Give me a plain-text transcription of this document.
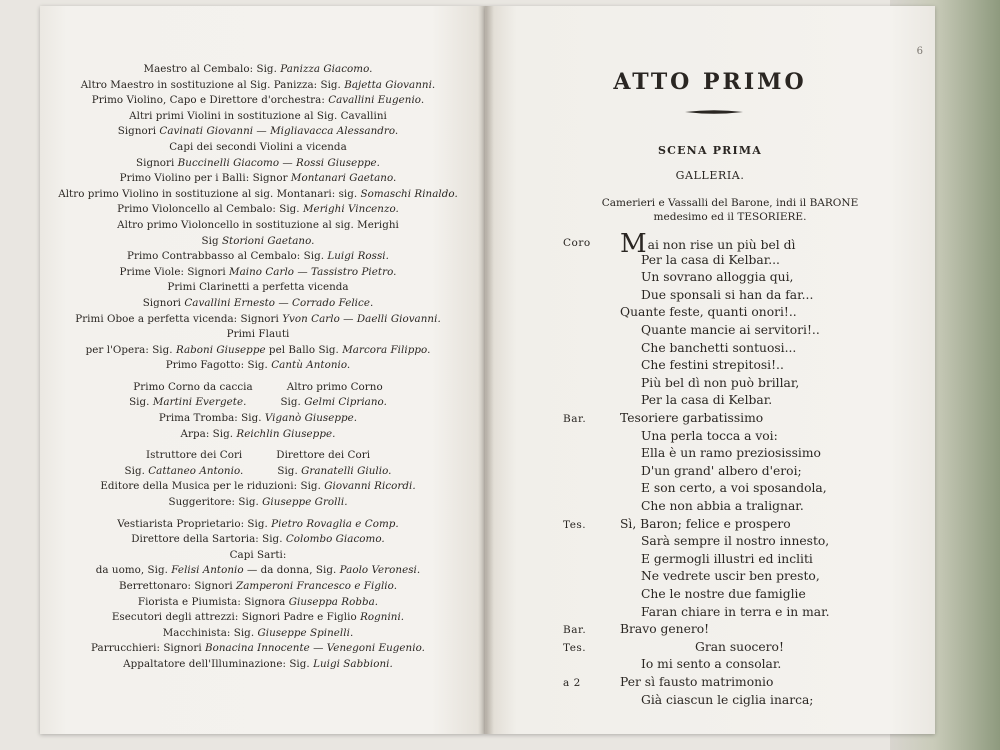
Maestro al Cembalo: Sig. Panizza Giacomo.
Altro Maestro in sostituzione al Sig. Panizza: Sig. Bajetta Giovanni.
Primo Violino, Capo e Direttore d'orchestra: Cavallini Eugenio.
Altri primi Violini in sostituzione al Sig. Cavallini
Signori Cavinati Giovanni — Migliavacca Alessandro.
Capi dei secondi Violini a vicenda
Signori Buccinelli Giacomo — Rossi Giuseppe.
Primo Violino per i Balli: Signor Montanari Gaetano.
Altro primo Violino in sostituzione al sig. Montanari: sig. Somaschi Rinaldo.
Primo Violoncello al Cembalo: Sig. Merighi Vincenzo.
Altro primo Violoncello in sostituzione al sig. Merighi
Sig Storioni Gaetano.
Primo Contrabbasso al Cembalo: Sig. Luigi Rossi.
Prime Viole: Signori Maino Carlo — Tassistro Pietro.
Primi Clarinetti a perfetta vicenda
Signori Cavallini Ernesto — Corrado Felice.
Primi Oboe a perfetta vicenda: Signori Yvon Carlo — Daelli Giovanni.
Primi Flauti
per l'Opera: Sig. Raboni Giuseppe pel Ballo Sig. Marcora Filippo.
Primo Fagotto: Sig. Cantù Antonio.
Primo Corno da caccia	Altro primo Corno
Sig. Martini Evergete.	Sig. Gelmi Cipriano.
Prima Tromba: Sig. Viganò Giuseppe.
Arpa: Sig. Reichlin Giuseppe.
Istruttore dei Cori	Direttore dei Cori
Sig. Cattaneo Antonio.	Sig. Granatelli Giulio.
Editore della Musica per le riduzioni: Sig. Giovanni Ricordi.
Suggeritore: Sig. Giuseppe Grolli.
Vestiarista Proprietario: Sig. Pietro Rovaglia e Comp.
Direttore della Sartoria: Sig. Colombo Giacomo.
Capi Sarti:
da uomo, Sig. Felisi Antonio — da donna, Sig. Paolo Veronesi.
Berrettonaro: Signori Zamperoni Francesco e Figlio.
Fiorista e Piumista: Signora Giuseppa Robba.
Esecutori degli attrezzi: Signori Padre e Figlio Rognini.
Macchinista: Sig. Giuseppe Spinelli.
Parrucchieri: Signori Bonacina Innocente — Venegoni Eugenio.
Appaltatore dell'Illuminazione: Sig. Luigi Sabbioni.
6
ATTO PRIMO
SCENA PRIMA
GALLERIA.
Camerieri e Vassalli del Barone, indi il BARONE
medesimo ed il TESORIERE.
Coro Mai non rise un più bel dì
Per la casa di Kelbar...
Un sovrano alloggia qui,
Due sponsali si han da far...
Quante feste, quanti onori!..
Quante mancie ai servitori!..
Che banchetti sontuosi...
Che festini strepitosi!..
Più bel dì non può brillar,
Per la casa di Kelbar.
Bar.	Tesoriere garbatissimo
Una perla tocca a voi:
Ella è un ramo preziosissimo
D'un grand' albero d'eroi;
E son certo, a voi sposandola,
Che non abbia a tralignar.
Tes.	Sì, Baron; felice e prospero
Sarà sempre il nostro innesto,
E germogli illustri ed incliti
Ne vedrete uscir ben presto,
Che le nostre due famiglie
Faran chiare in terra e in mar.
Bar.	Bravo genero!
Tes.	Gran suocero!
Io mi sento a consolar.
a 2	Per sì fausto matrimonio
Già ciascun le ciglia inarca;
